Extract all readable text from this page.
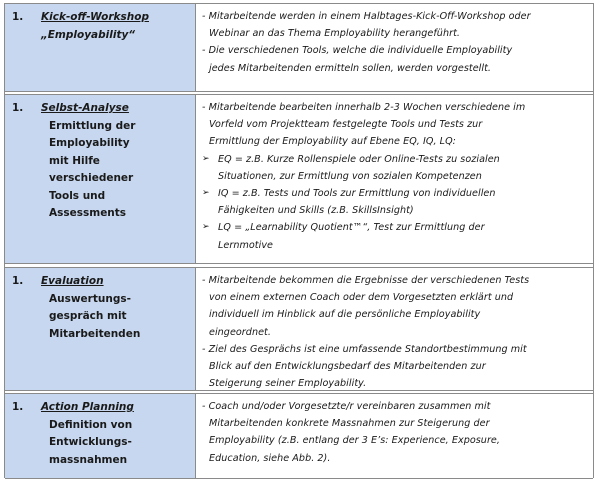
1. Kick-off-Workshop
„Employability“
- Mitarbeitende werden in einem Halbtages-Kick-Off-Workshop oder
Webinar an das Thema Employability herangeführt.
- Die verschiedenen Tools, welche die individuelle Employability
jedes Mitarbeitenden ermitteln sollen, werden vorgestellt.
1. Selbst-Analyse
Ermittlung der
Employability
mit Hilfe
verschiedener
Tools und
Assessments
- Mitarbeitende bearbeiten innerhalb 2-3 Wochen verschiedene im
Vorfeld vom Projektteam festgelegte Tools und Tests zur
Ermittlung der Employability auf Ebene EQ, IQ, LQ:
➢ EQ = z.B. Kurze Rollenspiele oder Online-Tests zu sozialen
Situationen, zur Ermittlung von sozialen Kompetenzen
➢ IQ = z.B. Tests und Tools zur Ermittlung von individuellen
Fähigkeiten und Skills (z.B. SkillsInsight)
➢ LQ = „Learnability Quotient™“, Test zur Ermittlung der
Lernmotive
1. Evaluation
Auswertungs-
gespräch mit
Mitarbeitenden
- Mitarbeitende bekommen die Ergebnisse der verschiedenen Tests
von einem externen Coach oder dem Vorgesetzten erklärt und
individuell im Hinblick auf die persönliche Employability
eingeordnet.
- Ziel des Gesprächs ist eine umfassende Standortbestimmung mit
Blick auf den Entwicklungsbedarf des Mitarbeitenden zur
Steigerung seiner Employability.
1. Action Planning
Definition von
Entwicklungs-
massnahmen
- Coach und/oder Vorgesetzte/r vereinbaren zusammen mit
Mitarbeitenden konkrete Massnahmen zur Steigerung der
Employability (z.B. entlang der 3 E’s: Experience, Exposure,
Education, siehe Abb. 2).
